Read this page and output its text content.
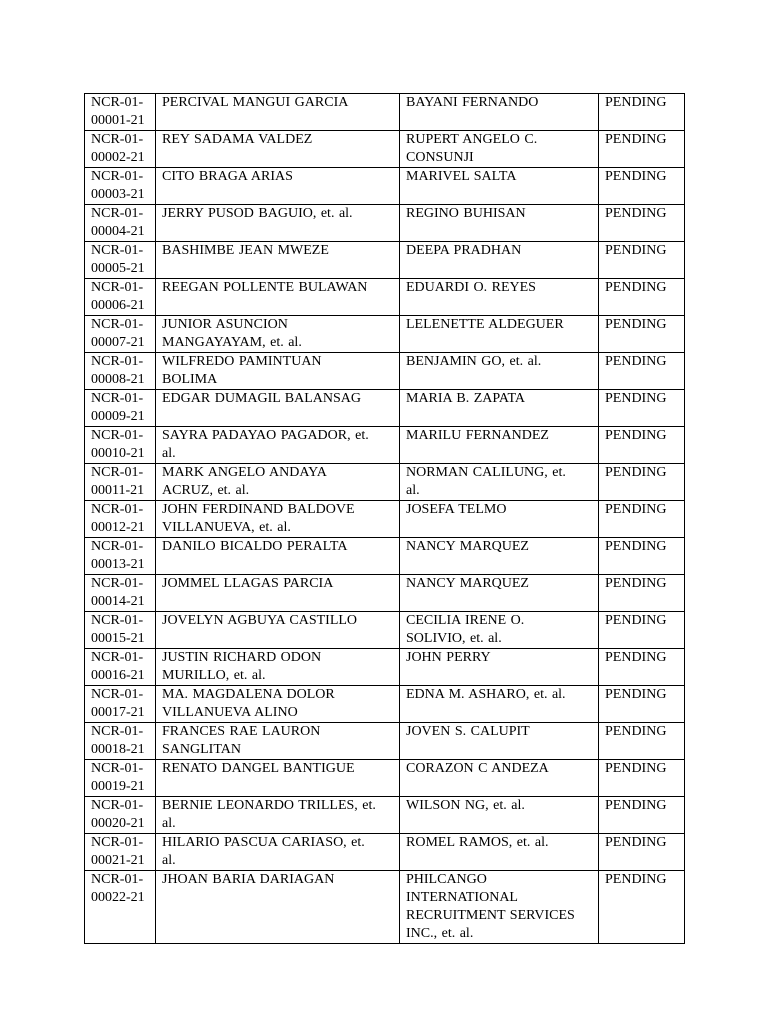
NCR-01-
00001-21	PERCIVAL MANGUI GARCIA	BAYANI FERNANDO	PENDING

NCR-01-
00002-21	REY SADAMA VALDEZ	RUPERT ANGELO C.
CONSUNJI	PENDING

NCR-01-
00003-21	CITO BRAGA ARIAS	MARIVEL SALTA	PENDING

NCR-01-
00004-21	JERRY PUSOD BAGUIO, et. al.	REGINO BUHISAN	PENDING

NCR-01-
00005-21	BASHIMBE JEAN MWEZE	DEEPA PRADHAN	PENDING

NCR-01-
00006-21	REEGAN POLLENTE BULAWAN	EDUARDI O. REYES	PENDING

NCR-01-
00007-21	JUNIOR ASUNCION
MANGAYAYAM, et. al.	LELENETTE ALDEGUER	PENDING

NCR-01-
00008-21	WILFREDO PAMINTUAN
BOLIMA	BENJAMIN GO, et. al.	PENDING

NCR-01-
00009-21	EDGAR DUMAGIL BALANSAG	MARIA B. ZAPATA	PENDING

NCR-01-
00010-21	SAYRA PADAYAO PAGADOR, et.
al.	MARILU FERNANDEZ	PENDING

NCR-01-
00011-21	MARK ANGELO ANDAYA
ACRUZ, et. al.	NORMAN CALILUNG, et.
al.	PENDING

NCR-01-
00012-21	JOHN FERDINAND BALDOVE
VILLANUEVA, et. al.	JOSEFA TELMO	PENDING

NCR-01-
00013-21	DANILO BICALDO PERALTA	NANCY MARQUEZ	PENDING

NCR-01-
00014-21	JOMMEL LLAGAS PARCIA	NANCY MARQUEZ	PENDING

NCR-01-
00015-21	JOVELYN AGBUYA CASTILLO	CECILIA IRENE O.
SOLIVIO, et. al.	PENDING

NCR-01-
00016-21	JUSTIN RICHARD ODON
MURILLO, et. al.	JOHN PERRY	PENDING

NCR-01-
00017-21	MA. MAGDALENA DOLOR
VILLANUEVA ALINO	EDNA M. ASHARO, et. al.	PENDING

NCR-01-
00018-21	FRANCES RAE LAURON
SANGLITAN	JOVEN S. CALUPIT	PENDING

NCR-01-
00019-21	RENATO DANGEL BANTIGUE	CORAZON C ANDEZA	PENDING

NCR-01-
00020-21	BERNIE LEONARDO TRILLES, et.
al.	WILSON NG, et. al.	PENDING

NCR-01-
00021-21	HILARIO PASCUA CARIASO, et.
al.	ROMEL RAMOS, et. al.	PENDING

NCR-01-
00022-21	JHOAN BARIA DARIAGAN	PHILCANGO
INTERNATIONAL
RECRUITMENT SERVICES
INC., et. al.	PENDING
